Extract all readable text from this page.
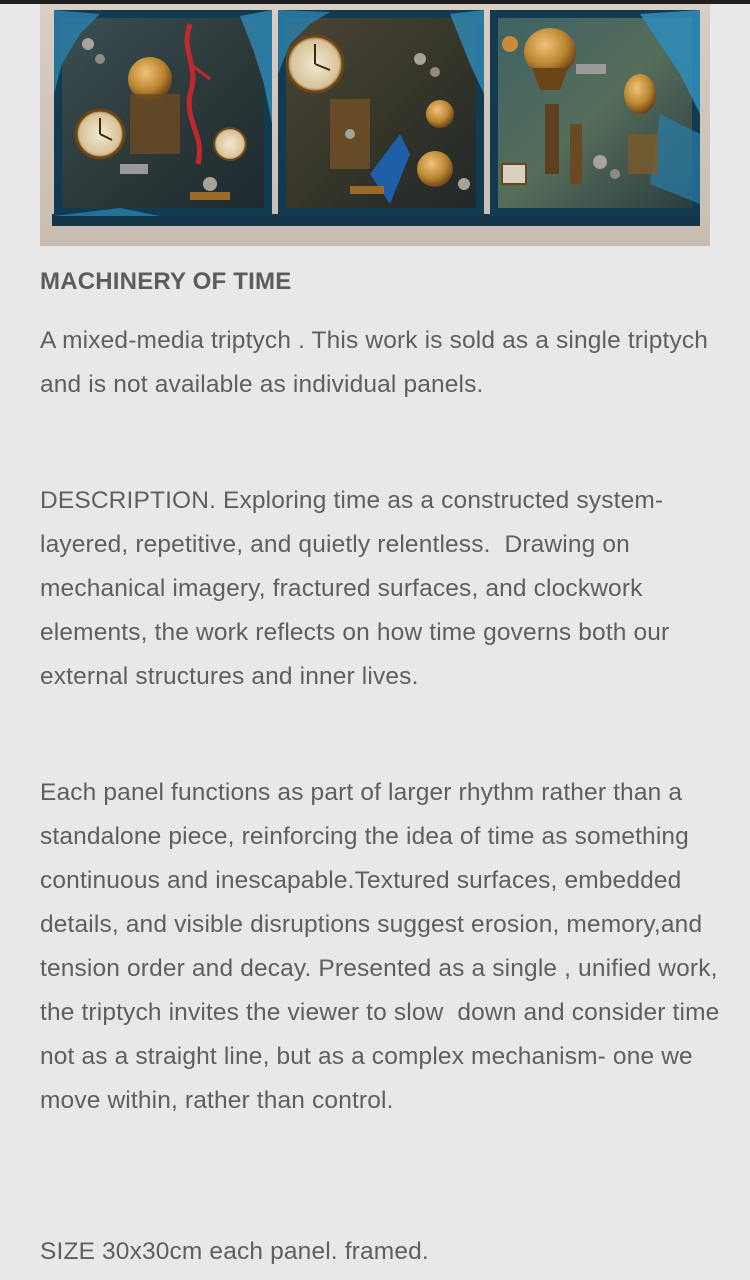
MACHINERY OF TIME
A mixed-media triptych . This work is sold as a single triptych and is not available as individual panels.
DESCRIPTION. Exploring time as a constructed system- layered, repetitive, and quietly relentless.  Drawing on mechanical imagery, fractured surfaces, and clockwork elements, the work reflects on how time governs both our external structures and inner lives.
Each panel functions as part of larger rhythm rather than a standalone piece, reinforcing the idea of time as something continuous and inescapable.Textured surfaces, embedded details, and visible disruptions suggest erosion, memory,and tension order and decay. Presented as a single , unified work, the triptych invites the viewer to slow  down and consider time not as a straight line, but as a complex mechanism- one we move within, rather than control.
SIZE 30x30cm each panel. framed.
